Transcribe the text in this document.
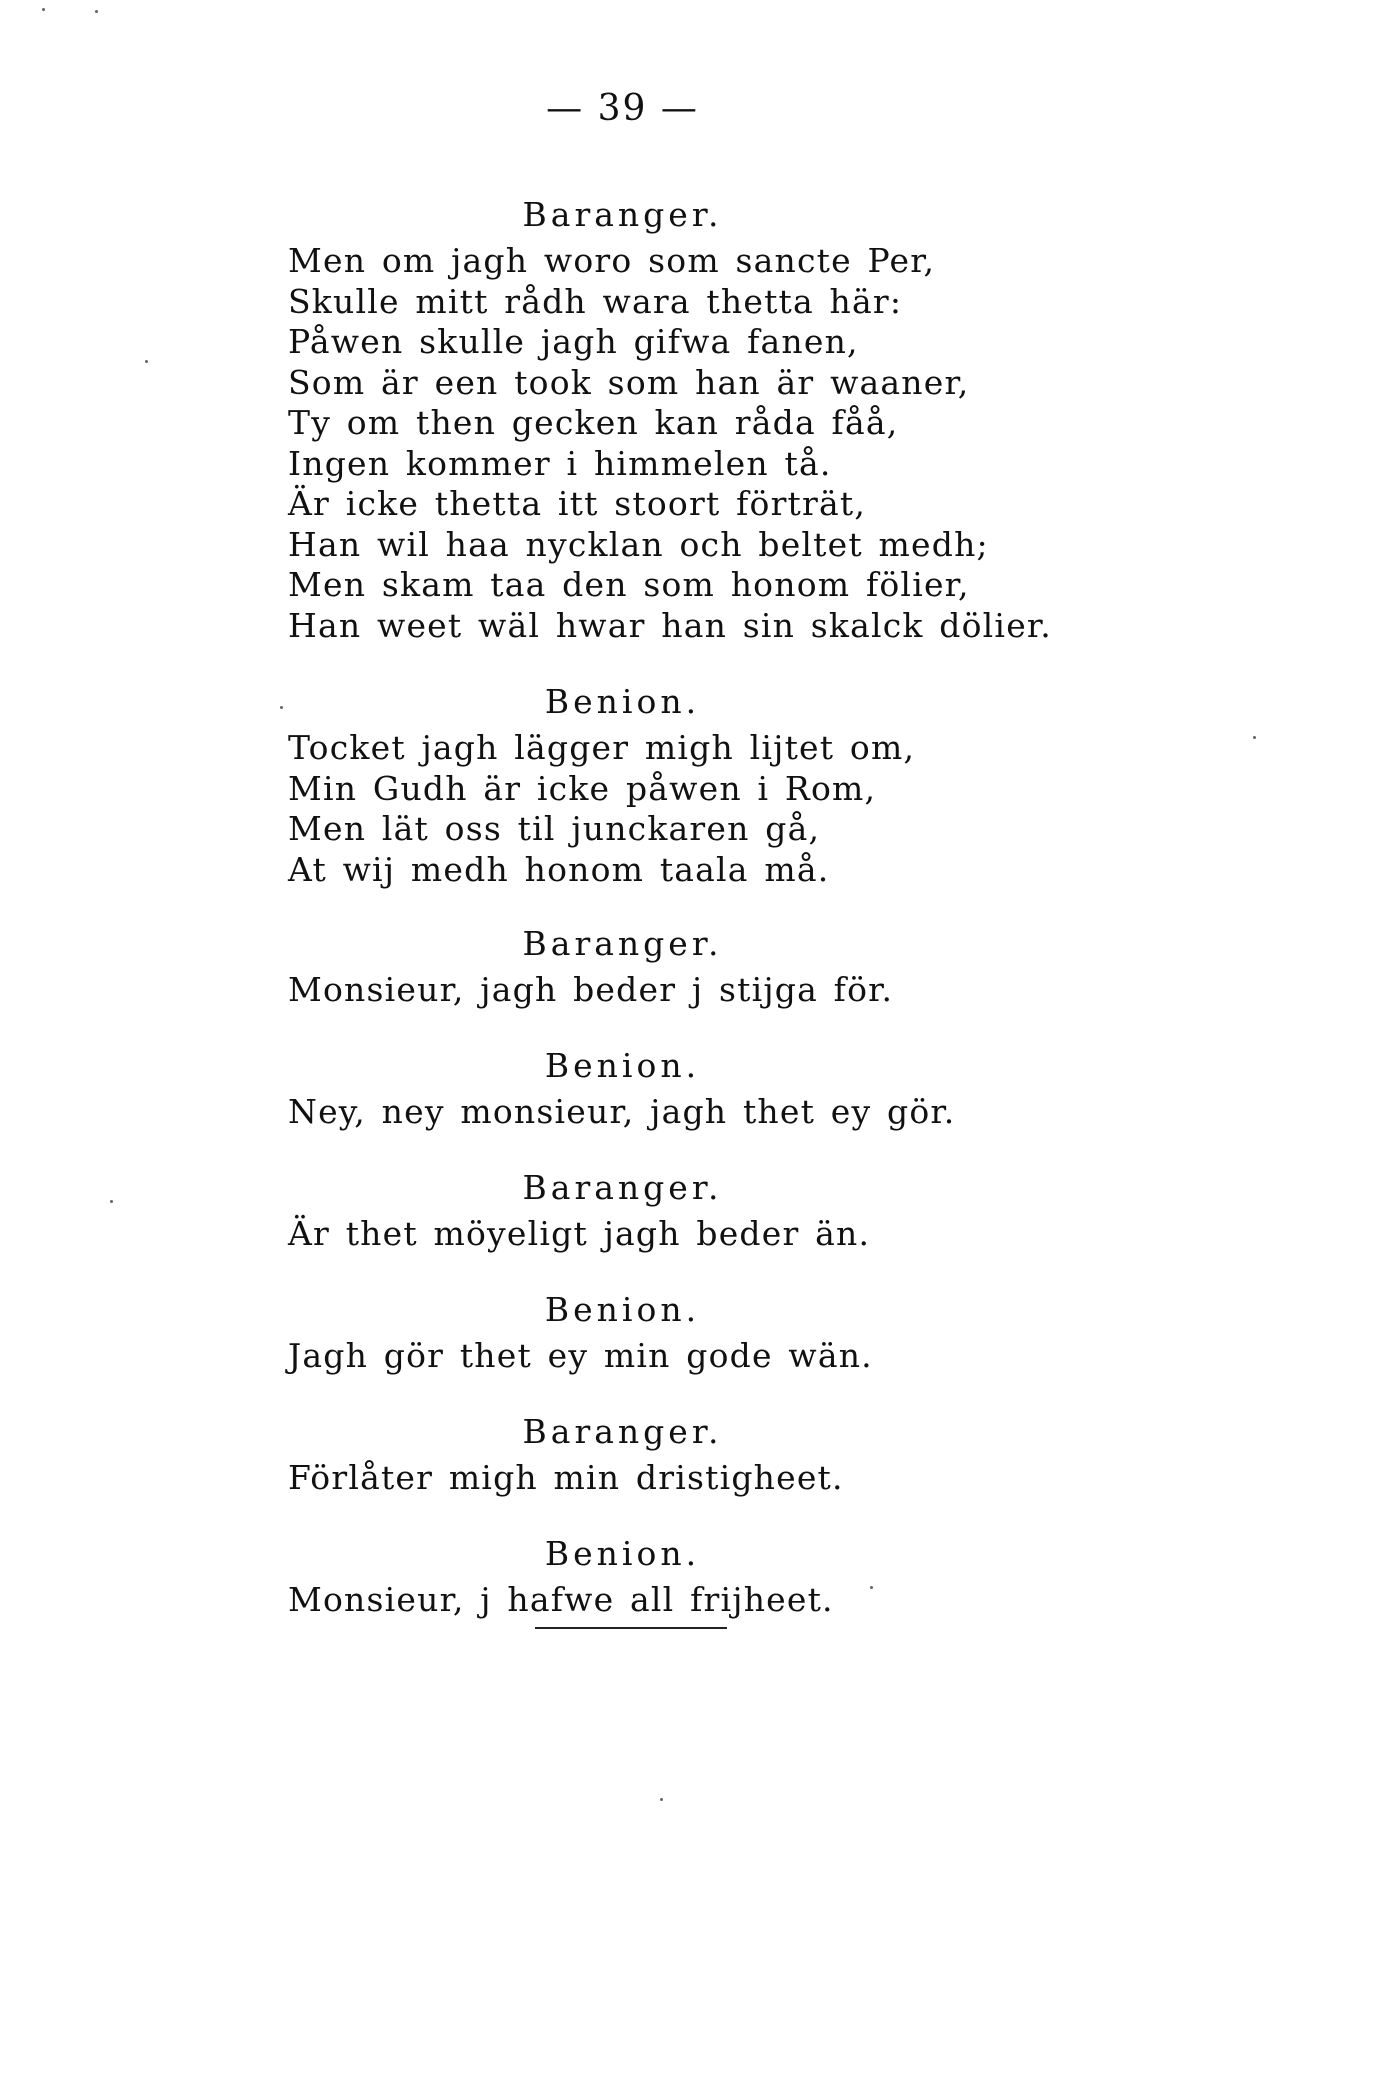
— 39 —
Baranger.
Men om jagh woro som sancte Per,
Skulle mitt rådh wara thetta här:
Påwen skulle jagh gifwa fanen,
Som är een took som han är waaner,
Ty om then gecken kan råda fåå,
Ingen kommer i himmelen tå.
Är icke thetta itt stoort förträt,
Han wil haa nycklan och beltet medh;
Men skam taa den som honom fölier,
Han weet wäl hwar han sin skalck dölier.
Benion.
Tocket jagh lägger migh lijtet om,
Min Gudh är icke påwen i Rom,
Men lät oss til junckaren gå,
At wij medh honom taala må.
Baranger.
Monsieur, jagh beder j stijga för.
Benion.
Ney, ney monsieur, jagh thet ey gör.
Baranger.
Är thet möyeligt jagh beder än.
Benion.
Jagh gör thet ey min gode wän.
Baranger.
Förlåter migh min dristigheet.
Benion.
Monsieur, j hafwe all frijheet.
